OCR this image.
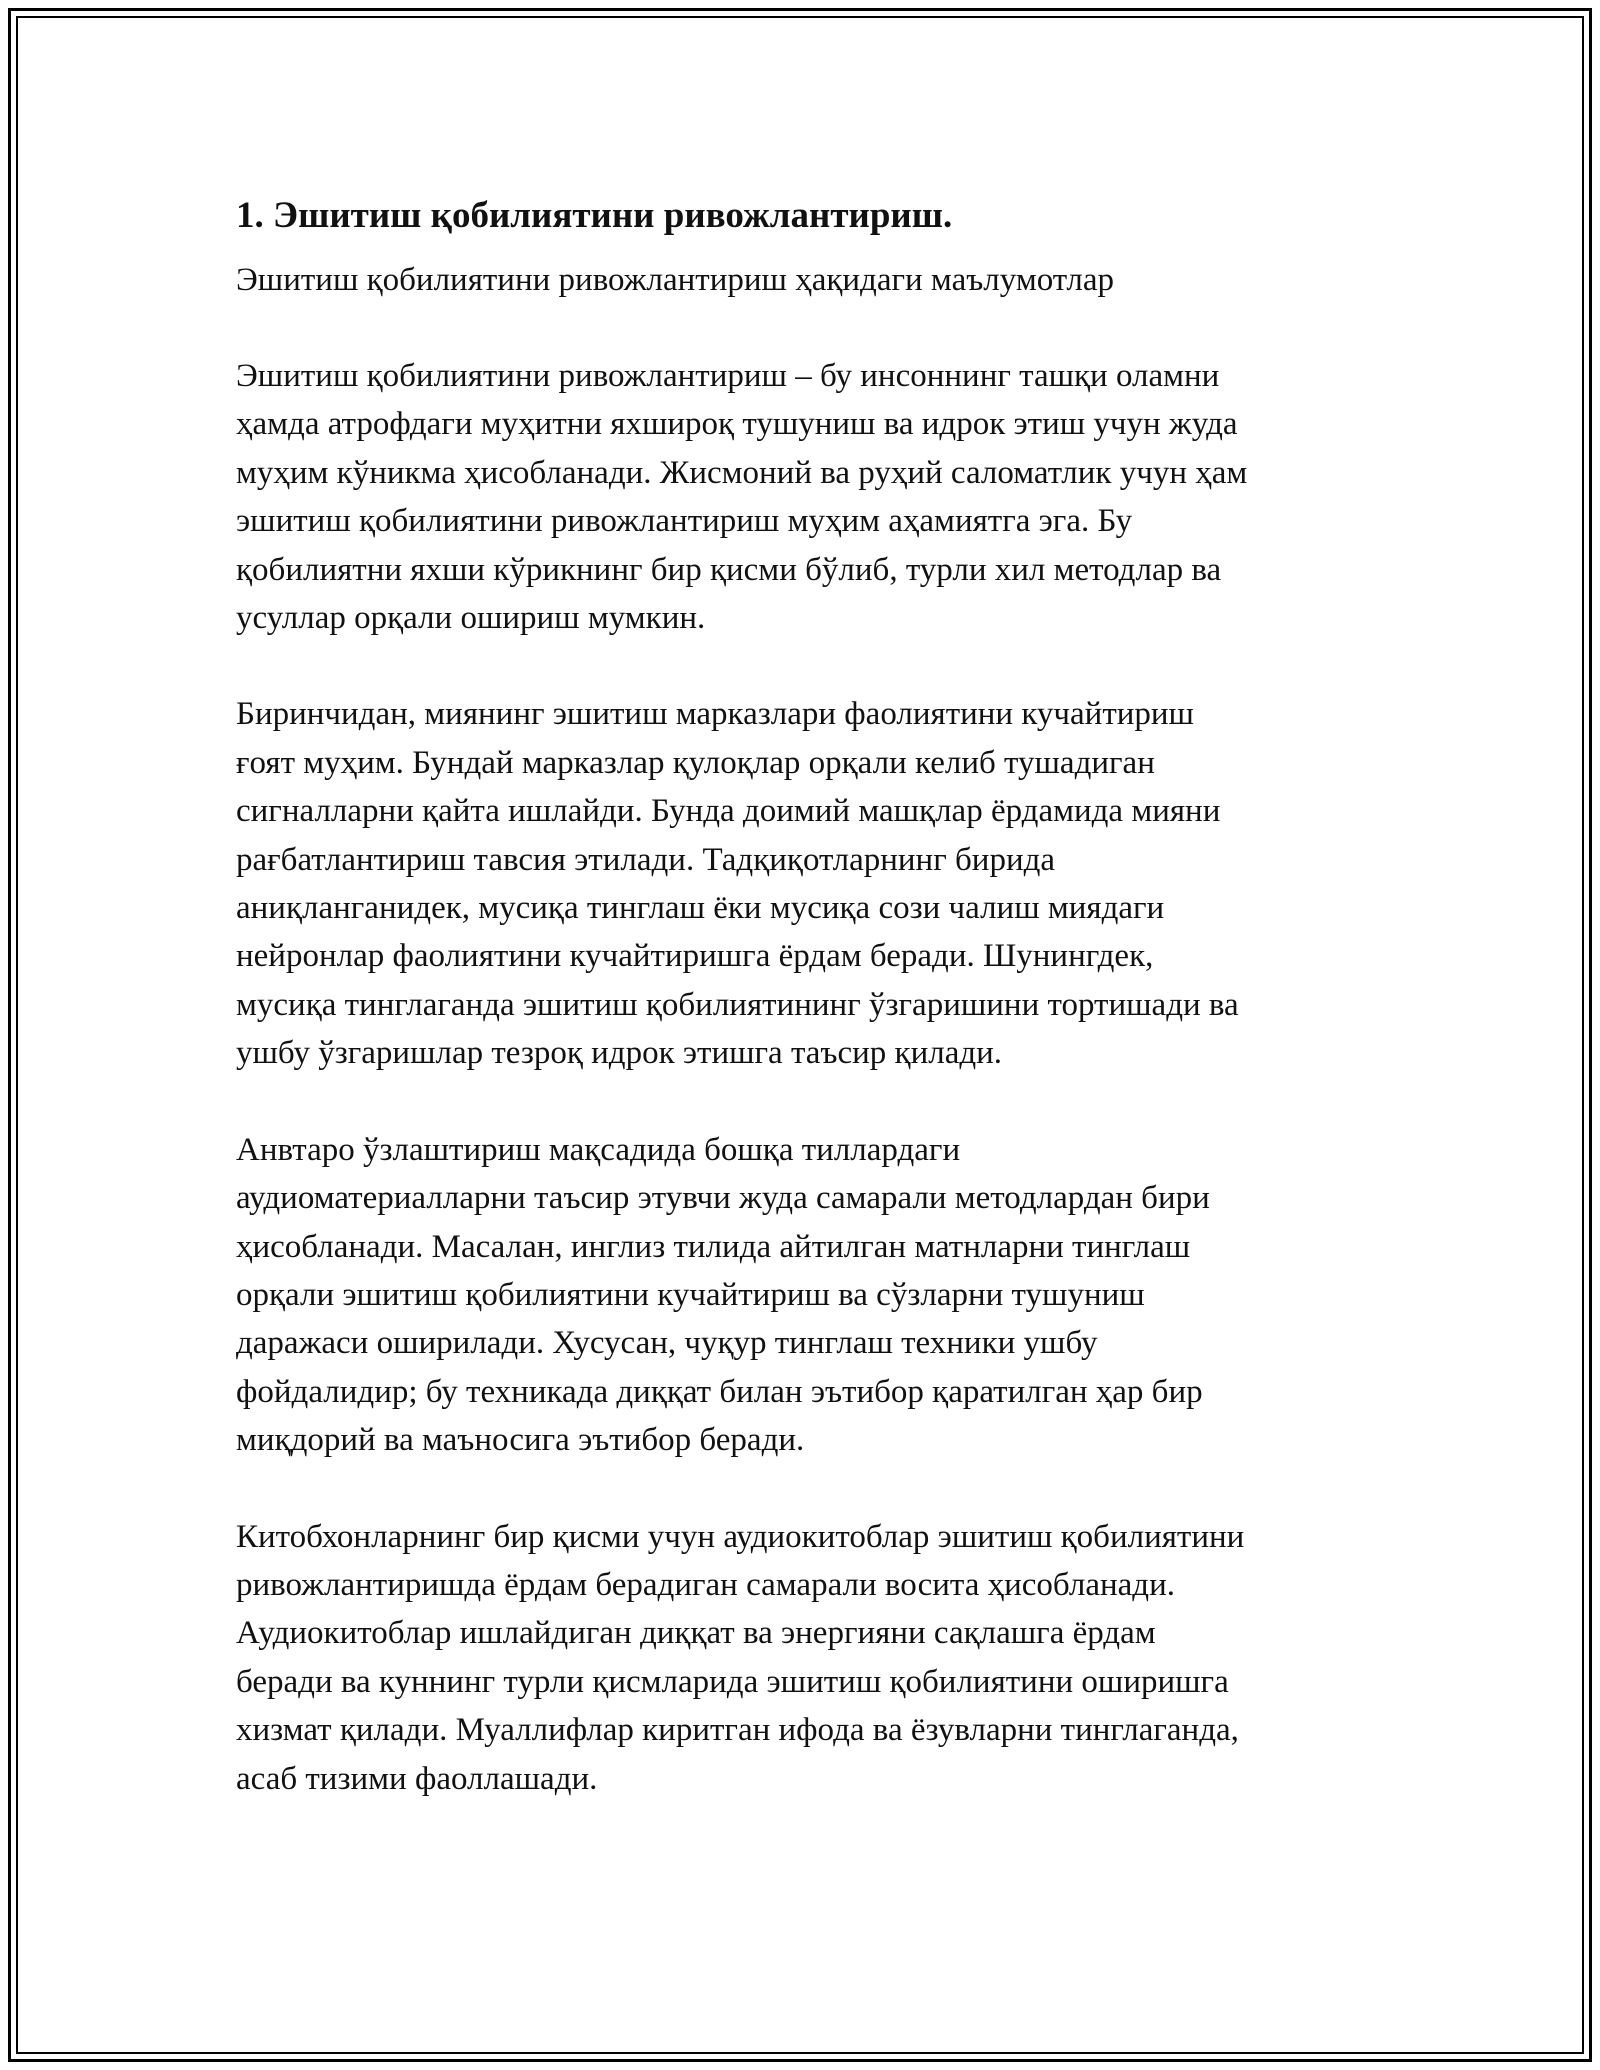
1. Эшитиш қобилиятини ривожлантириш.

Эшитиш қобилиятини ривожлантириш ҳақидаги маълумотлар

Эшитиш қобилиятини ривожлантириш – бу инсоннинг ташқи оламни
ҳамда атрофдаги муҳитни яхшироқ тушуниш ва идрок этиш учун жуда
муҳим кўникма ҳисобланади. Жисмоний ва руҳий саломатлик учун ҳам
эшитиш қобилиятини ривожлантириш муҳим аҳамиятга эга. Бу
қобилиятни яхши кўрикнинг бир қисми бўлиб, турли хил методлар ва
усуллар орқали ошириш мумкин.

Биринчидан, миянинг эшитиш марказлари фаолиятини кучайтириш
ғоят муҳим. Бундай марказлар қулоқлар орқали келиб тушадиган
сигналларни қайта ишлайди. Бунда доимий машқлар ёрдамида мияни
рағбатлантириш тавсия этилади. Тадқиқотларнинг бирида
аниқланганидек, мусиқа тинглаш ёки мусиқа сози чалиш миядаги
нейронлар фаолиятини кучайтиришга ёрдам беради. Шунингдек,
мусиқа тинглаганда эшитиш қобилиятининг ўзгаришини тортишади ва
ушбу ўзгаришлар тезроқ идрок этишга таъсир қилади.

Анвтаро ўзлаштириш мақсадида бошқа тиллардаги
аудиоматериалларни таъсир этувчи жуда самарали методлардан бири
ҳисобланади. Масалан, инглиз тилида айтилган матнларни тинглаш
орқали эшитиш қобилиятини кучайтириш ва сўзларни тушуниш
даражаси оширилади. Хусусан, чуқур тинглаш техники ушбу
фойдалидир; бу техникада диққат билан эътибор қаратилган ҳар бир
миқдорий ва маъносига эътибор беради.

Китобхонларнинг бир қисми учун аудиокитоблар эшитиш қобилиятини
ривожлантиришда ёрдам берадиган самарали восита ҳисобланади.
Аудиокитоблар ишлайдиган диққат ва энергияни сақлашга ёрдам
беради ва куннинг турли қисмларида эшитиш қобилиятини оширишга
хизмат қилади. Муаллифлар киритган ифода ва ёзувларни тинглаганда,
асаб тизими фаоллашади.
